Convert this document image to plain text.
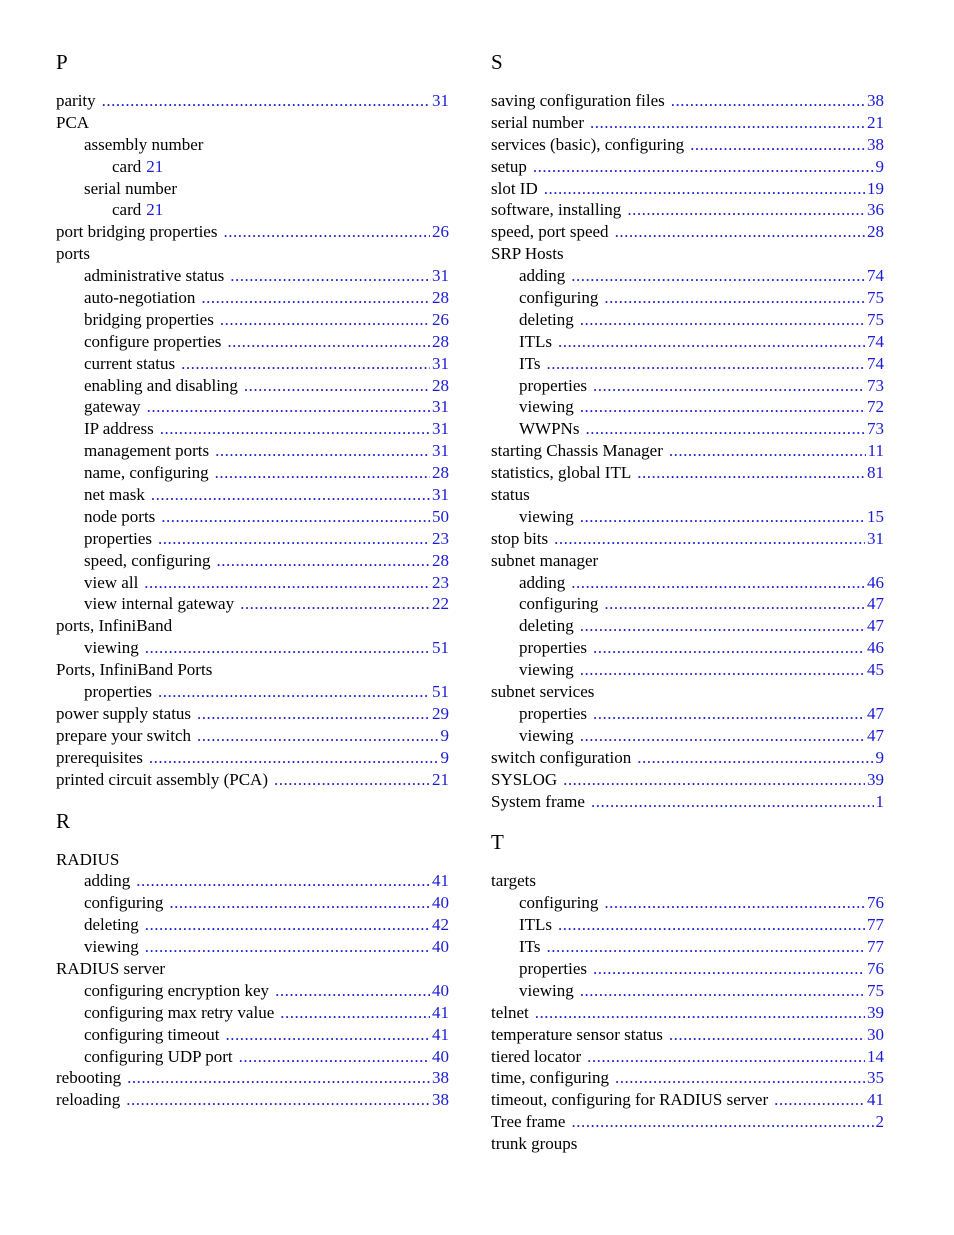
P
parity .....	31
PCA
assembly number
card 21
serial number
card 21
port bridging properties .....	26
ports
administrative status .....	31
auto-negotiation .....	28
bridging properties .....	26
configure properties .....	28
current status .....	31
enabling and disabling .....	28
gateway .....	31
IP address .....	31
management ports .....	31
name, configuring .....	28
net mask .....	31
node ports .....	50
properties .....	23
speed, configuring .....	28
view all .....	23
view internal gateway .....	22
ports, InfiniBand
viewing .....	51
Ports, InfiniBand Ports
properties .....	51
power supply status .....	29
prepare your switch .....	9
prerequisites .....	9
printed circuit assembly (PCA) .....	21
R
RADIUS
adding .....	41
configuring .....	40
deleting .....	42
viewing .....	40
RADIUS server
configuring encryption key .....	40
configuring max retry value .....	41
configuring timeout .....	41
configuring UDP port .....	40
rebooting .....	38
reloading .....	38
S
saving configuration files .....	38
serial number .....	21
services (basic), configuring .....	38
setup .....	9
slot ID .....	19
software, installing .....	36
speed, port speed .....	28
SRP Hosts
adding .....	74
configuring .....	75
deleting .....	75
ITLs .....	74
ITs .....	74
properties .....	73
viewing .....	72
WWPNs .....	73
starting Chassis Manager .....	11
statistics, global ITL .....	81
status
viewing .....	15
stop bits .....	31
subnet manager
adding .....	46
configuring .....	47
deleting .....	47
properties .....	46
viewing .....	45
subnet services
properties .....	47
viewing .....	47
switch configuration .....	9
SYSLOG .....	39
System frame .....	1
T
targets
configuring .....	76
ITLs .....	77
ITs .....	77
properties .....	76
viewing .....	75
telnet .....	39
temperature sensor status .....	30
tiered locator .....	14
time, configuring .....	35
timeout, configuring for RADIUS server .....	41
Tree frame .....	2
trunk groups
